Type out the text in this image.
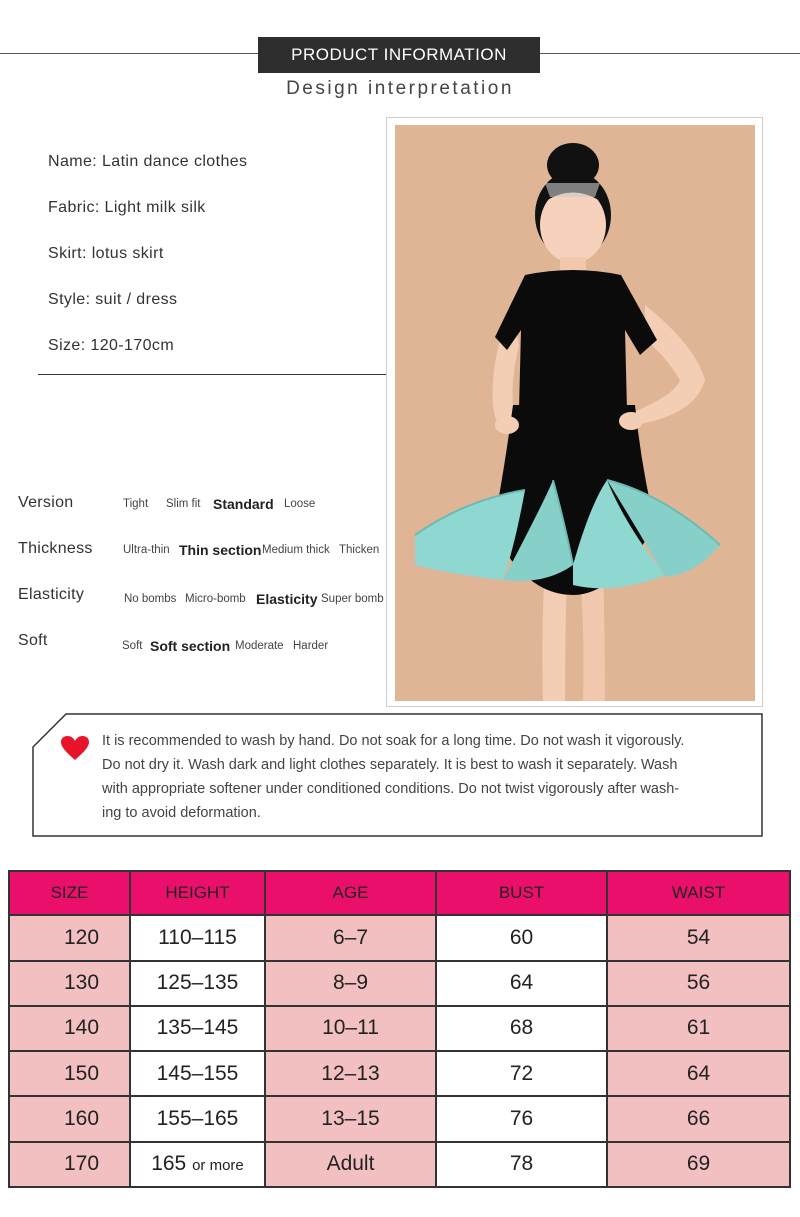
PRODUCT INFORMATION
Design interpretation
Name: Latin dance clothes
Fabric: Light milk silk
Skirt: lotus skirt
Style: suit / dress
Size: 120-170cm
Version	Tight Slim fit Standard Loose
Thickness	Ultra-thin Thin section Medium thick Thicken
Elasticity	No bombs Micro-bomb Elasticity Super bomb
Soft	Soft Soft section Moderate Harder
It is recommended to wash by hand. Do not soak for a long time. Do not wash it vigorously.
Do not dry it. Wash dark and light clothes separately. It is best to wash it separately. Wash
with appropriate softener under conditioned conditions. Do not twist vigorously after wash-
ing to avoid deformation.
SIZE	HEIGHT	AGE	BUST	WAIST
120	110–115	6–7	60	54
130	125–135	8–9	64	56
140	135–145	10–11	68	61
150	145–155	12–13	72	64
160	155–165	13–15	76	66
170	165 or more	Adult	78	69
